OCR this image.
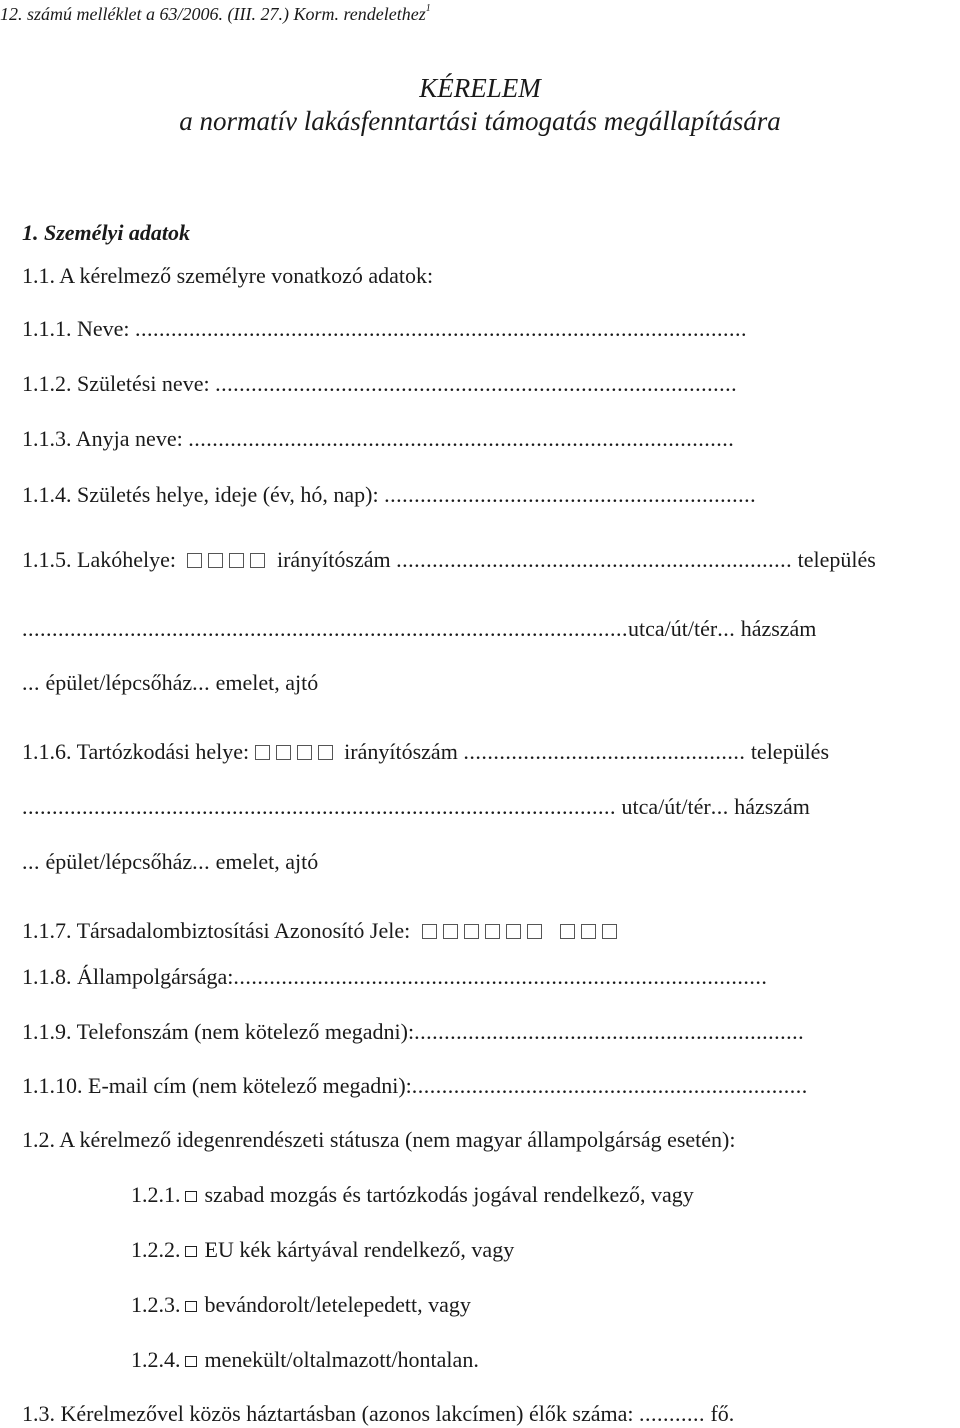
12. számú melléklet a 63/2006. (III. 27.) Korm. rendelethez$^1$
KÉRELEM
a normatív lakásfenntartási támogatás megállapítására
1. Személyi adatok
1.1. A kérelmező személyre vonatkozó adatok:
1.1.1. Neve: ......................................................................................................
1.1.2. Születési neve: .......................................................................................
1.1.3. Anyja neve: ...........................................................................................
1.1.4. Születés helye, ideje (év, hó, nap): ..............................................................
1.1.5. Lakóhelye:	irányítószám .................................................................. település
.....................................................................................................utca/út/tér... házszám
... épület/lépcsőház... emelet, ajtó
1.1.6. Tartózkodási helye:	irányítószám ............................................... település
................................................................................................... utca/út/tér... házszám
... épület/lépcsőház... emelet, ajtó
1.1.7. Társadalombiztosítási Azonosító Jele:
1.1.8. Állampolgársága:.........................................................................................
1.1.9. Telefonszám (nem kötelező megadni):.................................................................
1.1.10. E-mail cím (nem kötelező megadni):..................................................................
1.2. A kérelmező idegenrendészeti státusza (nem magyar állampolgárság esetén):
1.2.1. szabad mozgás és tartózkodás jogával rendelkező, vagy
1.2.2. EU kék kártyával rendelkező, vagy
1.2.3. bevándorolt/letelepedett, vagy
1.2.4. menekült/oltalmazott/hontalan.
1.3. Kérelmezővel közös háztartásban (azonos lakcímen) élők száma: ........... fő.
